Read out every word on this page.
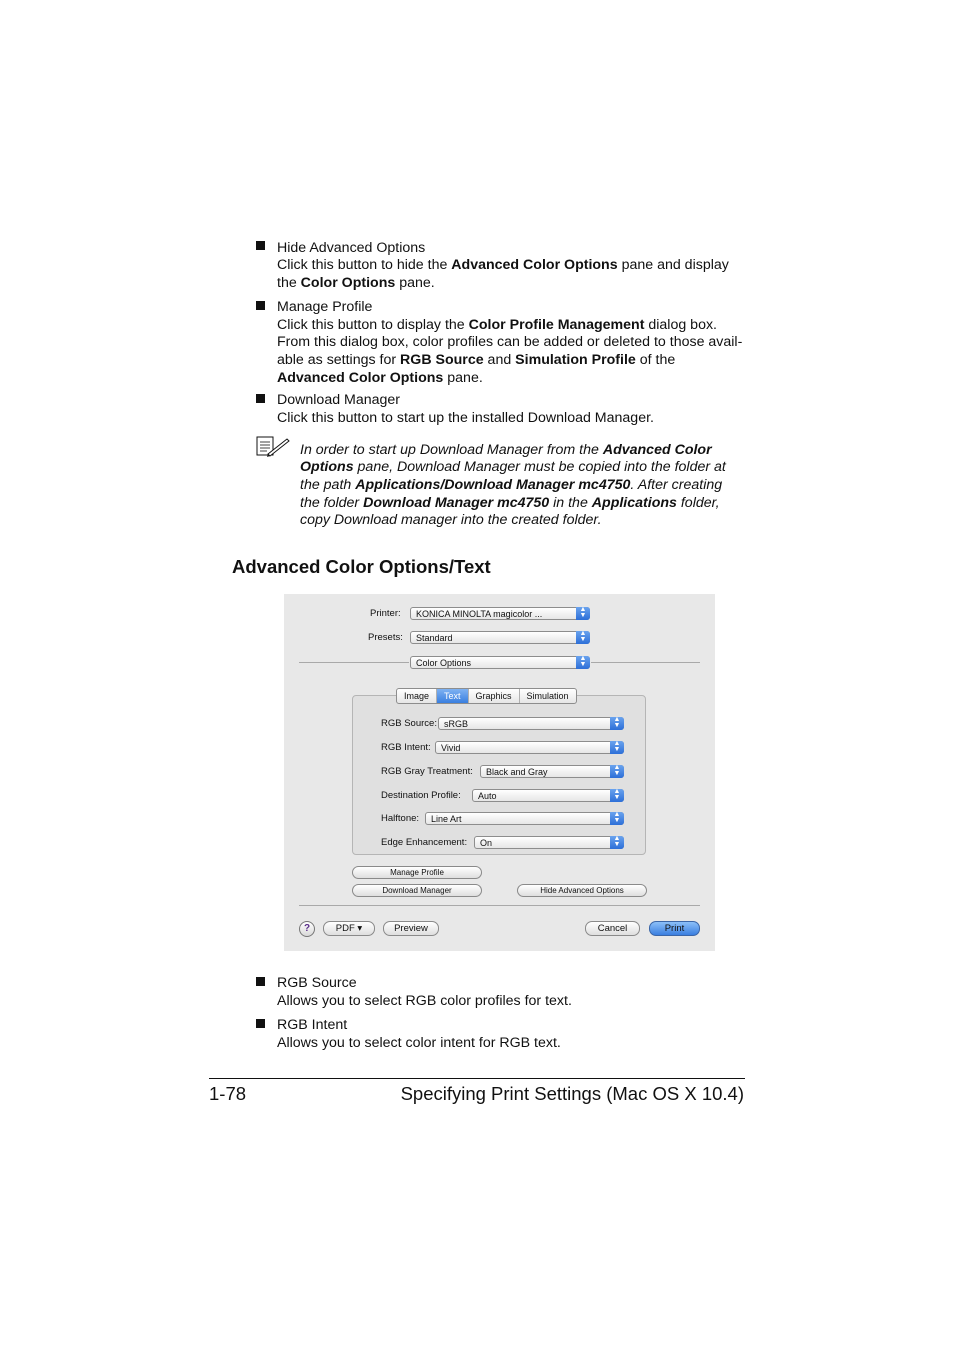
Hide Advanced Options
Click this button to hide the Advanced Color Options pane and display
the Color Options pane.
Manage Profile
Click this button to display the Color Profile Management dialog box.
From this dialog box, color profiles can be added or deleted to those avail-
able as settings for RGB Source and Simulation Profile of the
Advanced Color Options pane.
Download Manager
Click this button to start up the installed Download Manager.
In order to start up Download Manager from the Advanced Color
Options pane, Download Manager must be copied into the folder at
the path Applications/Download Manager mc4750. After creating
the folder Download Manager mc4750 in the Applications folder,
copy Download manager into the created folder.
Advanced Color Options/Text
Printer: KONICA MINOLTA magicolor ...	▲
▼
Presets: Standard	▲
▼
Color Options	▲
▼
Image	Text	Graphics	Simulation
RGB Source: sRGB	▲
▼
RGB Intent: Vivid	▲
▼
RGB Gray Treatment: Black and Gray	▲
▼
Destination Profile: Auto	▲
▼
Halftone: Line Art	▲
▼
Edge Enhancement: On	▲
▼
Manage Profile
Download Manager	Hide Advanced Options
?	PDF ▾	Preview	Cancel	Print
RGB Source
Allows you to select RGB color profiles for text.
RGB Intent
Allows you to select color intent for RGB text.
1-78	Specifying Print Settings (Mac OS X 10.4)
